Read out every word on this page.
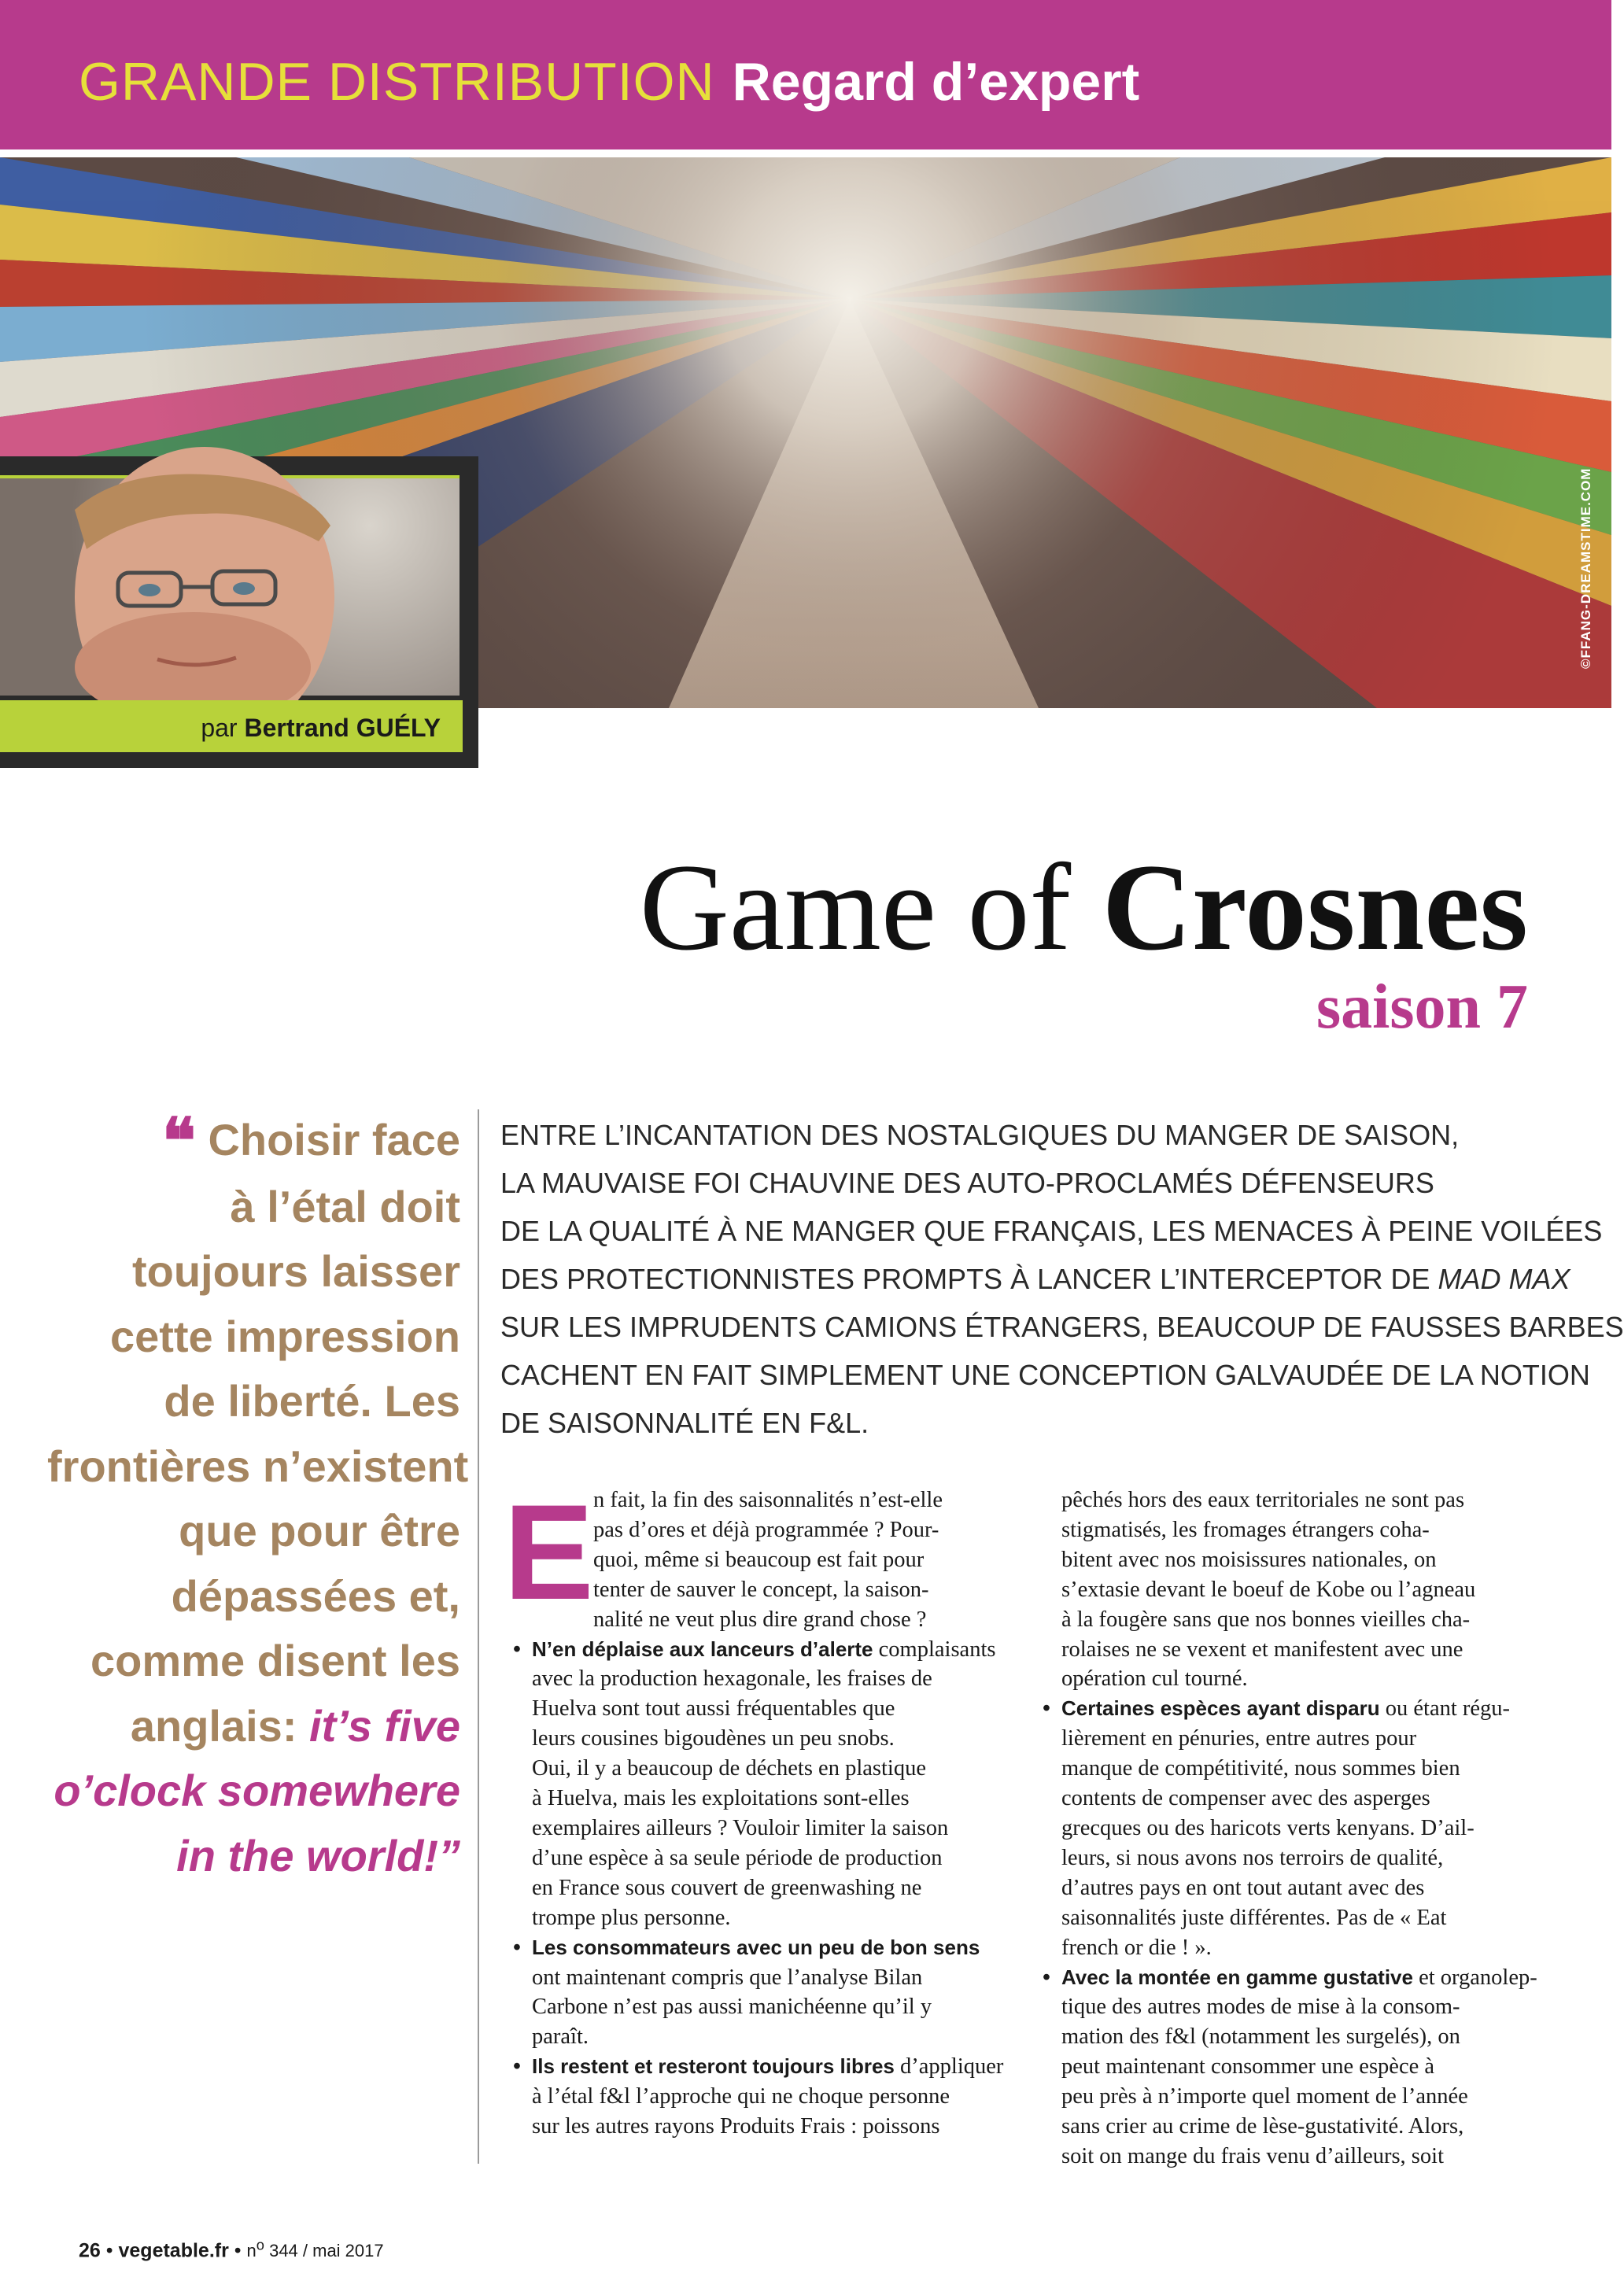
GRANDE DISTRIBUTION Regard d’expert
©FFANG-DREAMSTIME.COM
par Bertrand GUÉLY
Game of Crosnes
saison 7
❝ Choisir face
à l’étal doit
toujours laisser
cette impression
de liberté. Les
frontières n’existent
que pour être
dépassées et,
comme disent les
anglais: it’s five
o’clock somewhere
in the world!”
ENTRE L’INCANTATION DES NOSTALGIQUES DU MANGER DE SAISON,
LA MAUVAISE FOI CHAUVINE DES AUTO-PROCLAMÉS DÉFENSEURS
DE LA QUALITÉ À NE MANGER QUE FRANÇAIS, LES MENACES À PEINE VOILÉES
DES PROTECTIONNISTES PROMPTS À LANCER L’INTERCEPTOR DE MAD MAX
SUR LES IMPRUDENTS CAMIONS ÉTRANGERS, BEAUCOUP DE FAUSSES BARBES
CACHENT EN FAIT SIMPLEMENT UNE CONCEPTION GALVAUDÉE DE LA NOTION
DE SAISONNALITÉ EN F&L.
E n fait, la fin des saisonnalités n’est-elle
pas d’ores et déjà programmée ? Pour-
quoi, même si beaucoup est fait pour
tenter de sauver le concept, la saison-
nalité ne veut plus dire grand chose ?
• N’en déplaise aux lanceurs d’alerte complaisants
avec la production hexagonale, les fraises de
Huelva sont tout aussi fréquentables que
leurs cousines bigoudènes un peu snobs.
Oui, il y a beaucoup de déchets en plastique
à Huelva, mais les exploitations sont-elles
exemplaires ailleurs ? Vouloir limiter la saison
d’une espèce à sa seule période de production
en France sous couvert de greenwashing ne
trompe plus personne.
• Les consommateurs avec un peu de bon sens
ont maintenant compris que l’analyse Bilan
Carbone n’est pas aussi manichéenne qu’il y
paraît.
• Ils restent et resteront toujours libres d’appliquer
à l’étal f&l l’approche qui ne choque personne
sur les autres rayons Produits Frais : poissons
pêchés hors des eaux territoriales ne sont pas
stigmatisés, les fromages étrangers coha-
bitent avec nos moisissures nationales, on
s’extasie devant le boeuf de Kobe ou l’agneau
à la fougère sans que nos bonnes vieilles cha-
rolaises ne se vexent et manifestent avec une
opération cul tourné.
• Certaines espèces ayant disparu ou étant régu-
lièrement en pénuries, entre autres pour
manque de compétitivité, nous sommes bien
contents de compenser avec des asperges
grecques ou des haricots verts kenyans. D’ail-
leurs, si nous avons nos terroirs de qualité,
d’autres pays en ont tout autant avec des
saisonnalités juste différentes. Pas de « Eat
french or die ! ».
• Avec la montée en gamme gustative et organolep-
tique des autres modes de mise à la consom-
mation des f&l (notamment les surgelés), on
peut maintenant consommer une espèce à
peu près à n’importe quel moment de l’année
sans crier au crime de lèse-gustativité. Alors,
soit on mange du frais venu d’ailleurs, soit
26 • vegetable.fr • $n^o$ 344 / mai 2017
